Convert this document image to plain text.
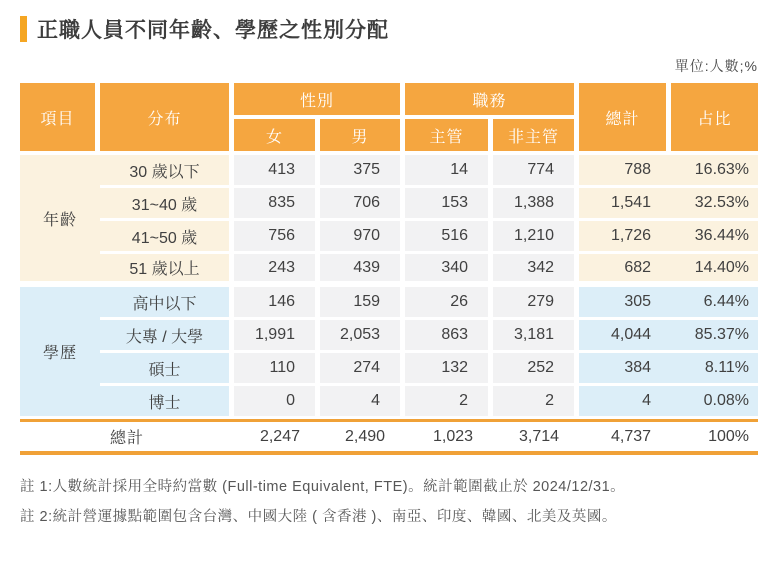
正職人員不同年齡、學歷之性別分配
單位:人數;%
項目	分布	性別		職務		總計	占比
		女	男	主管	非主管		
年齡	30 歲以下	413	375	14	774	788	16.63%
	31~40 歲	835	706	153	1,388	1,541	32.53%
	41~50 歲	756	970	516	1,210	1,726	36.44%
	51 歲以上	243	439	340	342	682	14.40%
學歷	高中以下	146	159	26	279	305	6.44%
	大專 / 大學	1,991	2,053	863	3,181	4,044	85.37%
	碩士	110	274	132	252	384	8.11%
	博士	0	4	2	2	4	0.08%
總計		2,247	2,490	1,023	3,714	4,737	100%
註 1:人數統計採用全時約當數 (Full-time Equivalent, FTE)。統計範圍截止於 2024/12/31。
註 2:統計營運據點範圍包含台灣、中國大陸 ( 含香港 )、南亞、印度、韓國、北美及英國。
